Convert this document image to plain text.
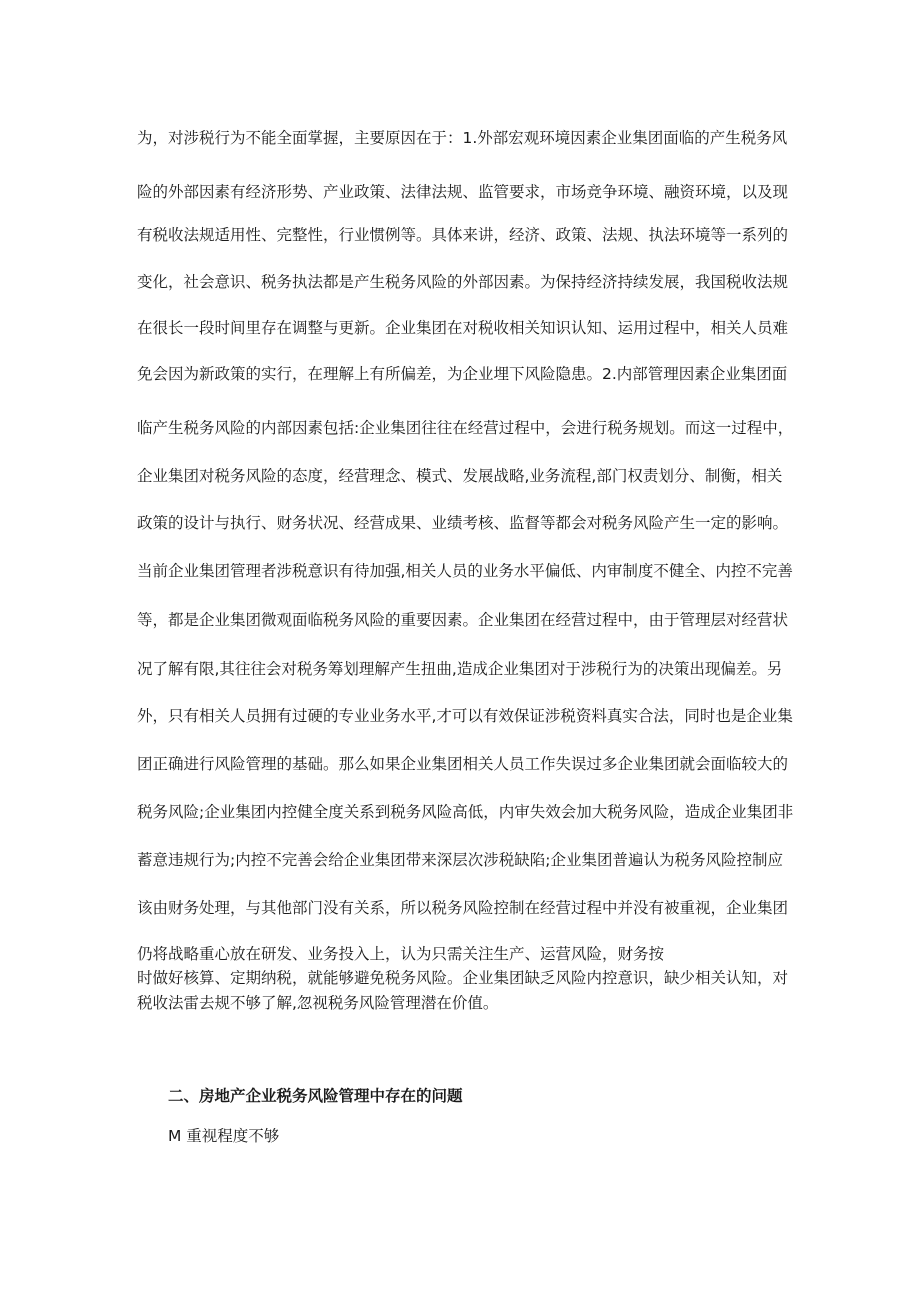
为，对涉税行为不能全面掌握，主要原因在于：1.外部宏观环境因素企业集团面临的产生税务风
险的外部因素有经济形势、产业政策、法律法规、监管要求，市场竞争环境、融资环境，以及现
有税收法规适用性、完整性，行业惯例等。具体来讲，经济、政策、法规、执法环境等一系列的
变化，社会意识、税务执法都是产生税务风险的外部因素。为保持经济持续发展，我国税收法规
在很长一段时间里存在调整与更新。企业集团在对税收相关知识认知、运用过程中，相关人员难
免会因为新政策的实行，在理解上有所偏差，为企业埋下风险隐患。2.内部管理因素企业集团面
临产生税务风险的内部因素包括:企业集团往往在经营过程中，会进行税务规划。而这一过程中，
企业集团对税务风险的态度，经营理念、模式、发展战略,业务流程,部门权责划分、制衡，相关
政策的设计与执行、财务状况、经营成果、业绩考核、监督等都会对税务风险产生一定的影响。
当前企业集团管理者涉税意识有待加强,相关人员的业务水平偏低、内审制度不健全、内控不完善
等，都是企业集团微观面临税务风险的重要因素。企业集团在经营过程中，由于管理层对经营状
况了解有限,其往往会对税务筹划理解产生扭曲,造成企业集团对于涉税行为的决策出现偏差。另
外，只有相关人员拥有过硬的专业业务水平,才可以有效保证涉税资料真实合法，同时也是企业集
团正确进行风险管理的基础。那么如果企业集团相关人员工作失误过多企业集团就会面临较大的
税务风险;企业集团内控健全度关系到税务风险高低，内审失效会加大税务风险，造成企业集团非
蓄意违规行为;内控不完善会给企业集团带来深层次涉税缺陷;企业集团普遍认为税务风险控制应
该由财务处理，与其他部门没有关系，所以税务风险控制在经营过程中并没有被重视，企业集团
仍将战略重心放在研发、业务投入上，认为只需关注生产、运营风险，财务按
时做好核算、定期纳税，就能够避免税务风险。企业集团缺乏风险内控意识，缺少相关认知，对
税收法雷去规不够了解,忽视税务风险管理潜在价值。
二、房地产企业税务风险管理中存在的问题
M 重视程度不够
